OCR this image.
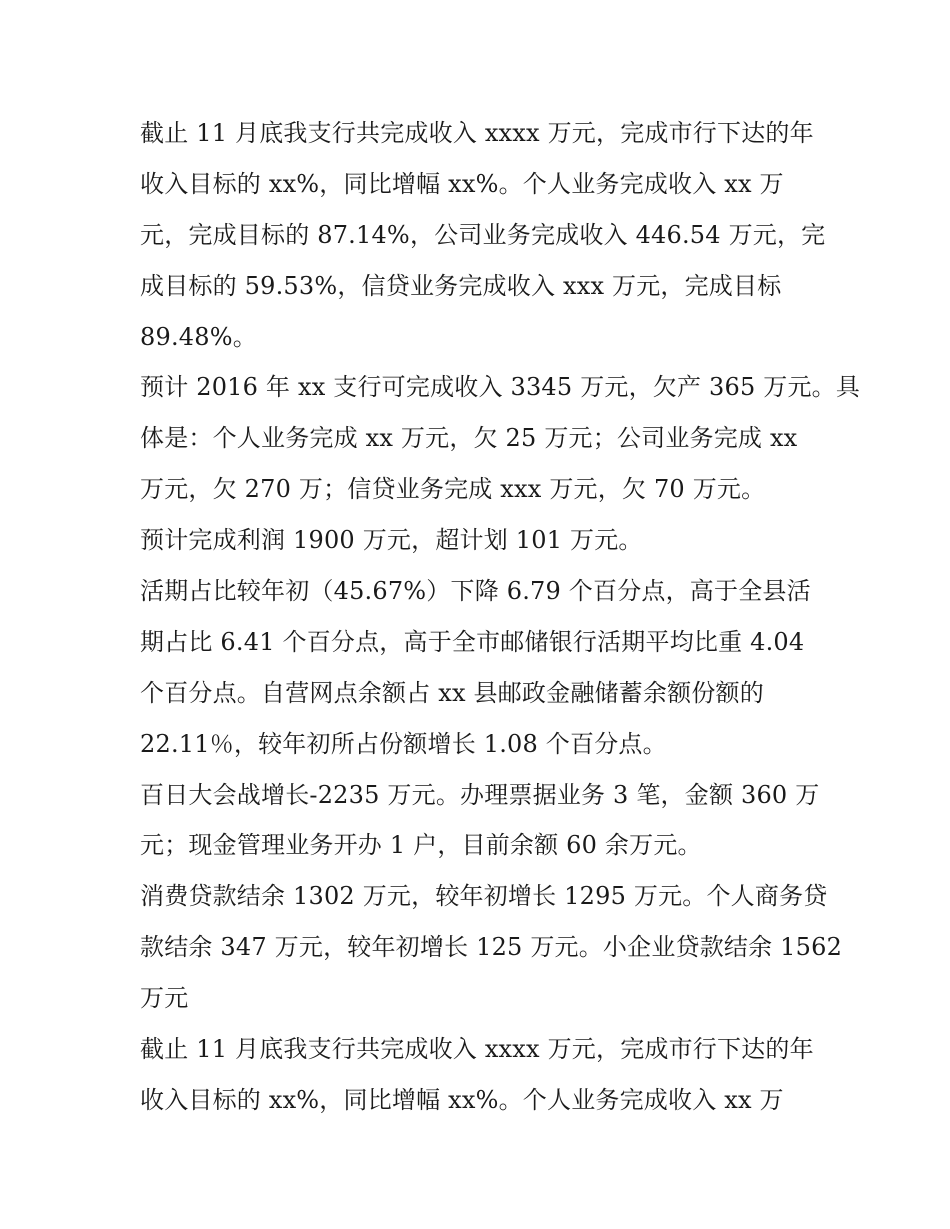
截止 11 月底我支行共完成收入 xxxx 万元，完成市行下达的年
收入目标的 xx%，同比增幅 xx%。个人业务完成收入 xx 万
元，完成目标的 87.14%，公司业务完成收入 446.54 万元，完
成目标的 59.53%，信贷业务完成收入 xxx 万元，完成目标
89.48%。
预计 2016 年 xx 支行可完成收入 3345 万元，欠产 365 万元。具
体是：个人业务完成 xx 万元，欠 25 万元；公司业务完成 xx
万元，欠 270 万；信贷业务完成 xxx 万元，欠 70 万元。
预计完成利润 1900 万元，超计划 101 万元。
活期占比较年初（45.67%）下降 6.79 个百分点，高于全县活
期占比 6.41 个百分点，高于全市邮储银行活期平均比重 4.04
个百分点。自营网点余额占 xx 县邮政金融储蓄余额份额的
22.11％，较年初所占份额增长 1.08 个百分点。
百日大会战增长-2235 万元。办理票据业务 3 笔，金额 360 万
元；现金管理业务开办 1 户，目前余额 60 余万元。
消费贷款结余 1302 万元，较年初增长 1295 万元。个人商务贷
款结余 347 万元，较年初增长 125 万元。小企业贷款结余 1562
万元
截止 11 月底我支行共完成收入 xxxx 万元，完成市行下达的年
收入目标的 xx%，同比增幅 xx%。个人业务完成收入 xx 万
